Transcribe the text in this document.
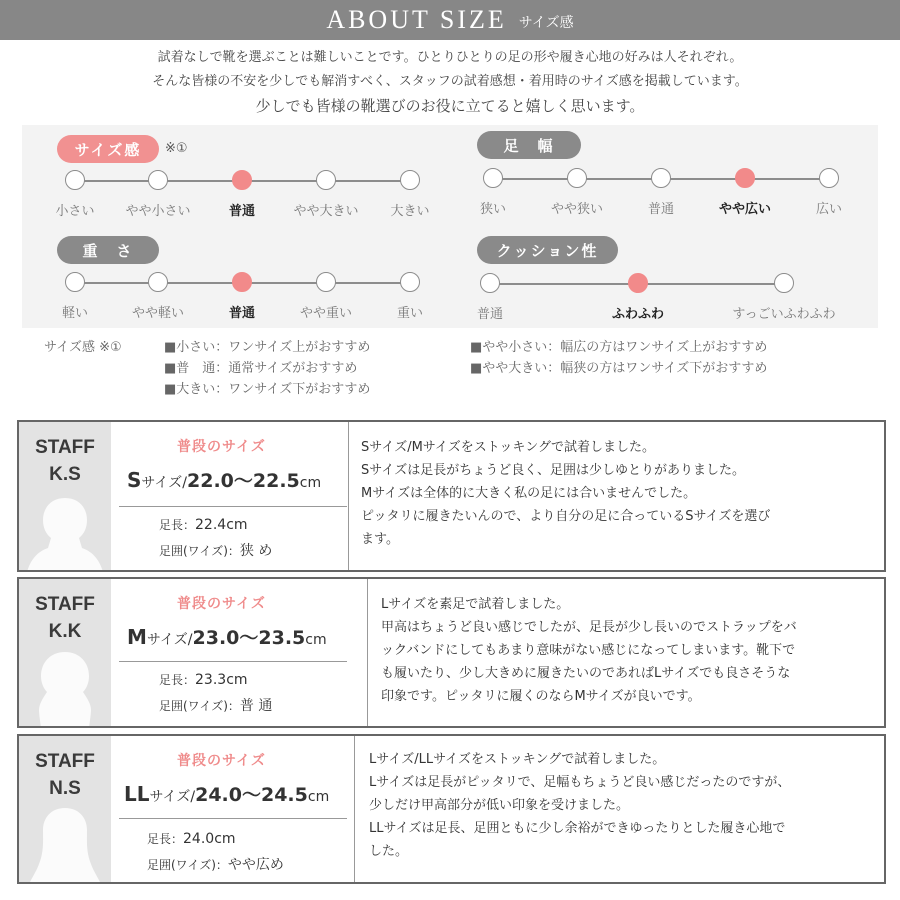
ABOUT SIZE サイズ感
試着なしで靴を選ぶことは難しいことです。ひとりひとりの足の形や履き心地の好みは人それぞれ。
そんな皆様の不安を少しでも解消すべく、スタッフの試着感想・着用時のサイズ感を掲載しています。
少しでも皆様の靴選びのお役に立てると嬉しく思います。
サイズ感	※①	足　幅
重　さ	クッション性
小さい やや小さい	普通	やや大きい 大きい	狭い	やや狭い	普通	やや広い	広い
軽い	やや軽い	普通	やや重い	重い	普通	ふわふわ	すっごいふわふわ
サイズ感 ※①	■小さい：ワンサイズ上がおすすめ
■普　通：通常サイズがおすすめ
■大きい：ワンサイズ下がおすすめ
■やや小さい：幅広の方はワンサイズ上がおすすめ
■やや大きい：幅狭の方はワンサイズ下がおすすめ
STAFF
K.S
普段のサイズ
Sサイズ/22.0〜22.5cm
足長：22.4cm
足囲(ワイズ)：狭 め
Sサイズ/Mサイズをストッキングで試着しました。
Sサイズは足長がちょうど良く、足囲は少しゆとりがありました。
Mサイズは全体的に大きく私の足には合いませんでした。
ピッタリに履きたいんので、より自分の足に合っているSサイズを選び
ます。
STAFF
K.K
普段のサイズ
Mサイズ/23.0〜23.5cm
足長：23.3cm
足囲(ワイズ)：普 通
Lサイズを素足で試着しました。
甲高はちょうど良い感じでしたが、足長が少し長いのでストラップをバ
ックバンドにしてもあまり意味がない感じになってしまいます。靴下で
も履いたり、少し大きめに履きたいのであればLサイズでも良さそうな
印象です。ピッタリに履くのならMサイズが良いです。
STAFF
N.S
普段のサイズ
LLサイズ/24.0〜24.5cm
足長：24.0cm
足囲(ワイズ)：やや広め
Lサイズ/LLサイズをストッキングで試着しました。
Lサイズは足長がピッタリで、足幅もちょうど良い感じだったのですが、
少しだけ甲高部分が低い印象を受けました。
LLサイズは足長、足囲ともに少し余裕ができゆったりとした履き心地で
した。
